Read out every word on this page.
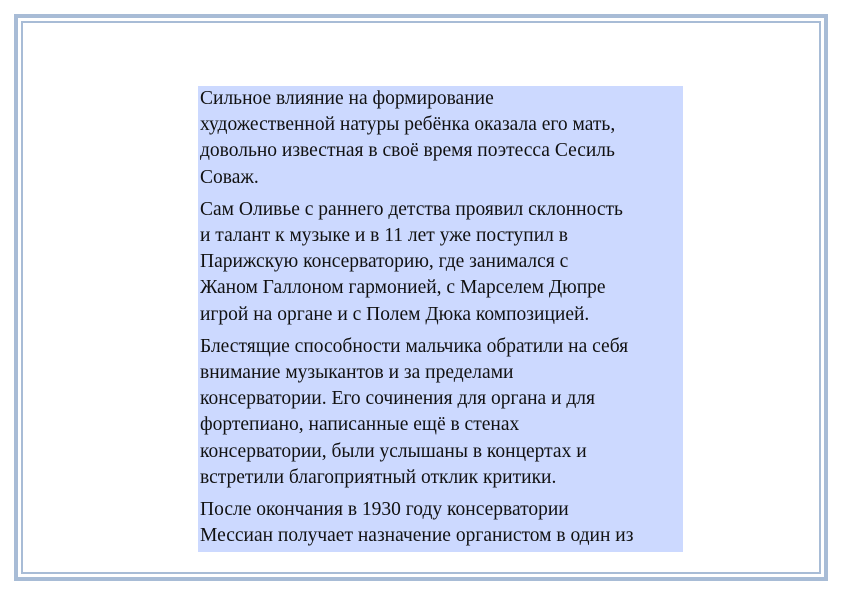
Сильное влияние на формирование
художественной натуры ребёнка оказала его мать,
довольно известная в своё время поэтесса Сесиль
Соваж.

Сам Оливье с раннего детства проявил склонность
и талант к музыке и в 11 лет уже поступил в
Парижскую консерваторию, где занимался с
Жаном Галлоном гармонией, с Марселем Дюпре
игрой на органе и с Полем Дюка композицией.

Блестящие способности мальчика обратили на себя
внимание музыкантов и за пределами
консерватории. Его сочинения для органа и для
фортепиано, написанные ещё в стенах
консерватории, были услышаны в концертах и
встретили благоприятный отклик критики.

После окончания в 1930 году консерватории
Мессиан получает назначение органистом в один из
